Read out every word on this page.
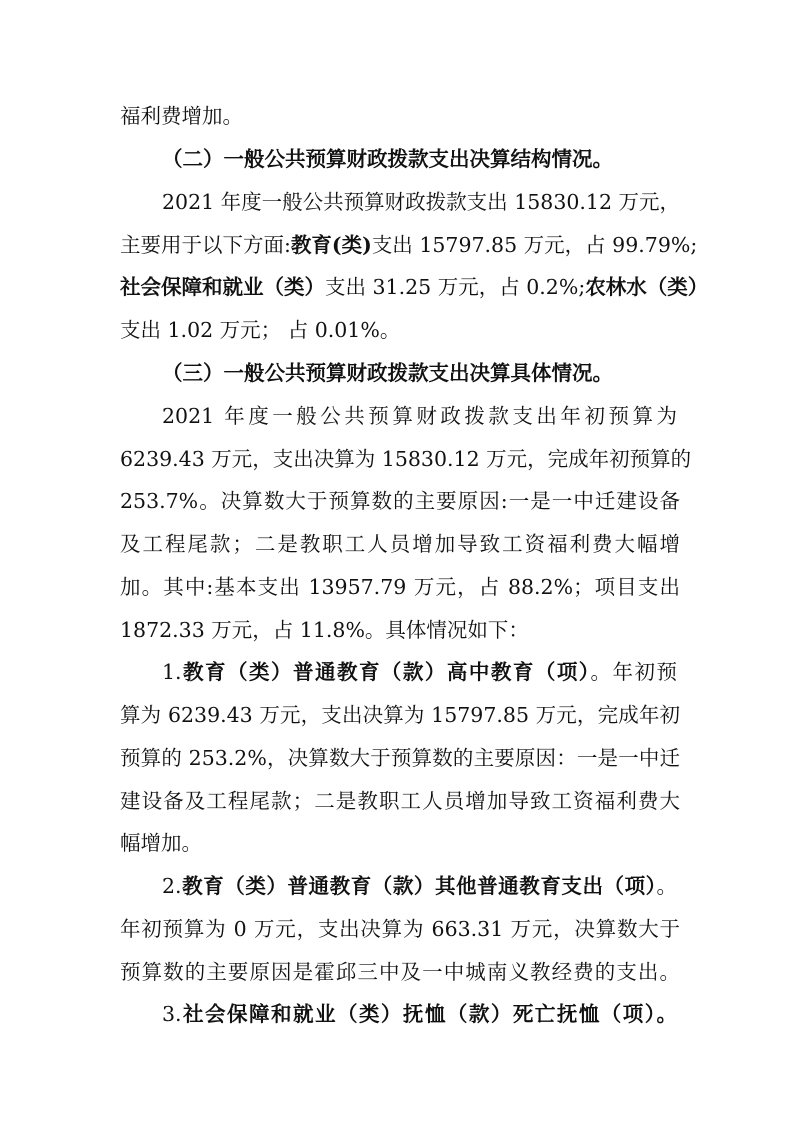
福利费增加。
（二）一般公共预算财政拨款支出决算结构情况。
2021 年度一般公共预算财政拨款支出 15830.12 万元，
主要用于以下方面:教育(类)支出 15797.85 万元，占 99.79%;
社会保障和就业（类）支出 31.25 万元，占 0.2%;农林水（类）
支出 1.02 万元； 占 0.01%。
（三）一般公共预算财政拨款支出决算具体情况。
2021 年度一般公共预算财政拨款支出年初预算为
6239.43 万元，支出决算为 15830.12 万元，完成年初预算的
253.7%。决算数大于预算数的主要原因:一是一中迁建设备
及工程尾款；二是教职工人员增加导致工资福利费大幅增
加。其中:基本支出 13957.79 万元，占 88.2%；项目支出
1872.33 万元，占 11.8%。具体情况如下：
1.教育（类）普通教育（款）高中教育（项）。年初预
算为 6239.43 万元，支出决算为 15797.85 万元，完成年初
预算的 253.2%，决算数大于预算数的主要原因：一是一中迁
建设备及工程尾款；二是教职工人员增加导致工资福利费大
幅增加。
2.教育（类）普通教育（款）其他普通教育支出（项）。
年初预算为 0 万元，支出决算为 663.31 万元，决算数大于
预算数的主要原因是霍邱三中及一中城南义教经费的支出。
3.社会保障和就业（类）抚恤（款）死亡抚恤（项）。
